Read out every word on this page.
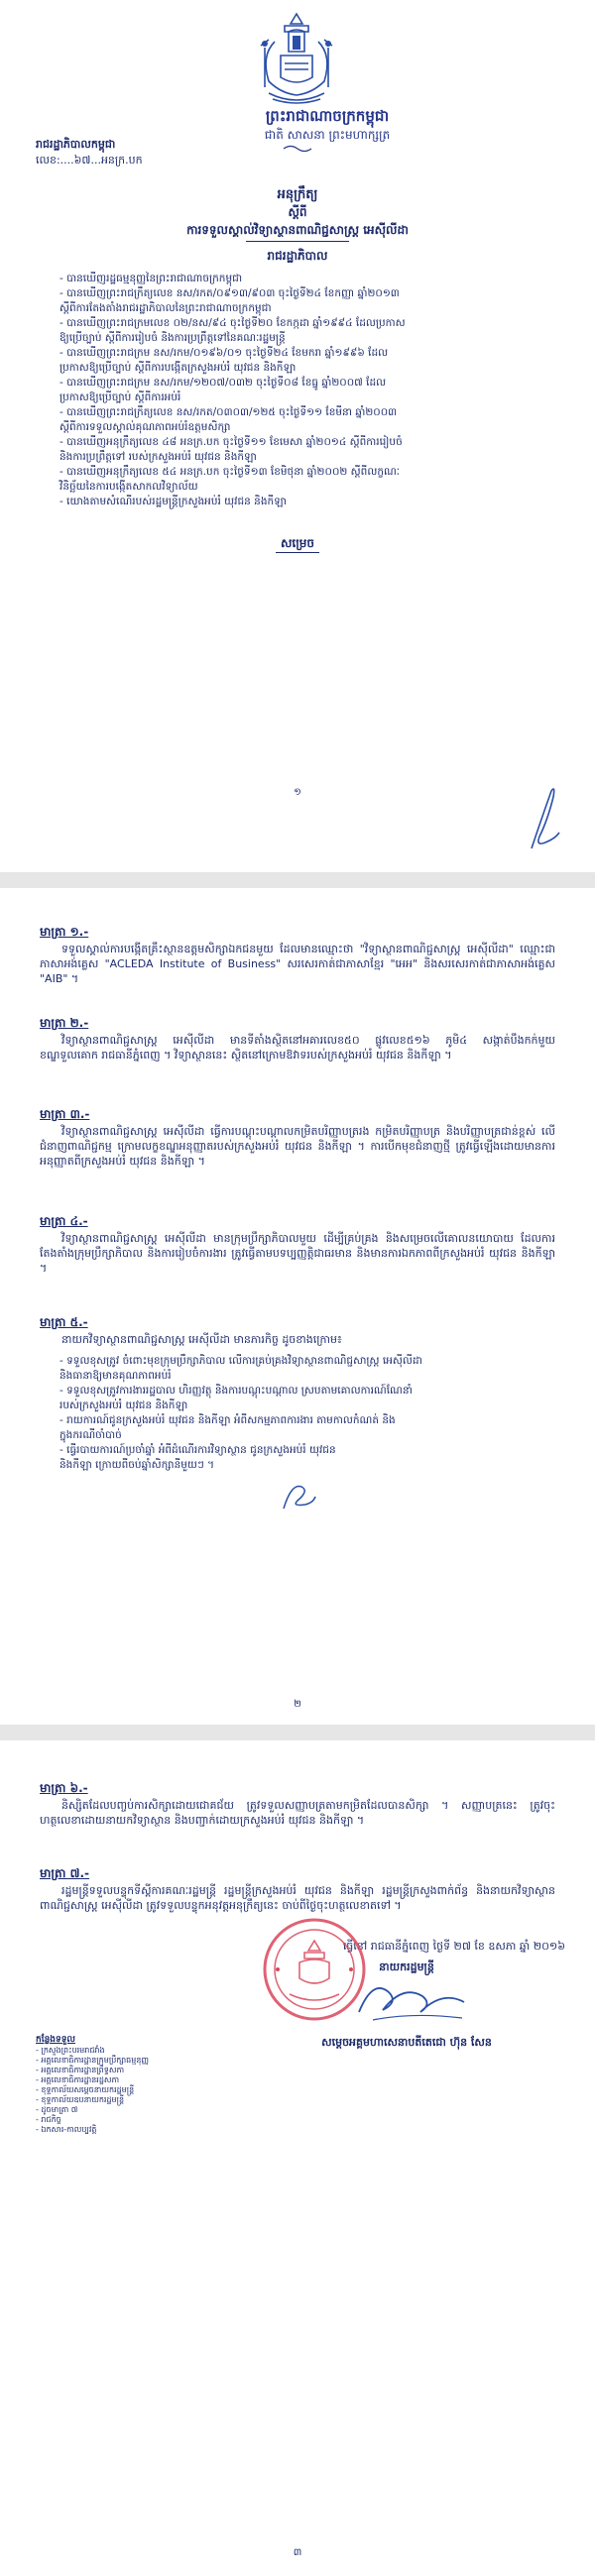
ព្រះរាជាណាចក្រកម្ពុជា
ជាតិ សាសនា ព្រះមហាក្សត្រ
រាជរដ្ឋាភិបាលកម្ពុជា
លេខ:....៦៧...អនក្រ.បក
អនុក្រឹត្យ
ស្តីពី
ការទទួលស្គាល់វិទ្យាស្ថានពាណិជ្ជសាស្ត្រ អេស៊ីលីដា
រាជរដ្ឋាភិបាល
- បានឃើញរដ្ឋធម្មនុញ្ញនៃព្រះរាជាណាចក្រកម្ពុជា
- បានឃើញព្រះរាជក្រឹត្យលេខ នស/រកត/០៩១៣/៩០៣ ចុះថ្ងៃទី២៤ ខែកញ្ញា ឆ្នាំ២០១៣
ស្តីពីការតែងតាំងរាជរដ្ឋាភិបាលនៃព្រះរាជាណាចក្រកម្ពុជា
- បានឃើញព្រះរាជក្រមលេខ ០២/នស/៩៤ ចុះថ្ងៃទី២០ ខែកក្កដា ឆ្នាំ១៩៩៤ ដែលប្រកាស
ឱ្យប្រើច្បាប់ ស្តីពីការរៀបចំ និងការប្រព្រឹត្តទៅនៃគណៈរដ្ឋមន្ត្រី
- បានឃើញព្រះរាជក្រម នស/រកម/០១៩៦/០១ ចុះថ្ងៃទី២៤ ខែមករា ឆ្នាំ១៩៩៦ ដែល
ប្រកាសឱ្យប្រើច្បាប់ ស្តីពីការបង្កើតក្រសួងអប់រំ យុវជន និងកីឡា
- បានឃើញព្រះរាជក្រម នស/រកម/១២០៧/០៣២ ចុះថ្ងៃទី០៨ ខែធ្នូ ឆ្នាំ២០០៧ ដែល
ប្រកាសឱ្យប្រើច្បាប់ ស្តីពីការអប់រំ
- បានឃើញព្រះរាជក្រឹត្យលេខ នស/រកត/០៣០៣/១២៥ ចុះថ្ងៃទី១១ ខែមីនា ឆ្នាំ២០០៣
ស្តីពីការទទួលស្គាល់គុណភាពអប់រំឧត្តមសិក្សា
- បានឃើញអនុក្រឹត្យលេខ ៤៨ អនក្រ.បក ចុះថ្ងៃទី១១ ខែមេសា ឆ្នាំ២០១៤ ស្តីពីការរៀបចំ
និងការប្រព្រឹត្តទៅ របស់ក្រសួងអប់រំ យុវជន និងកីឡា
- បានឃើញអនុក្រឹត្យលេខ ៥៤ អនក្រ.បក ចុះថ្ងៃទី១៣ ខែមិថុនា ឆ្នាំ២០០២ ស្តីពីលក្ខណៈ
វិនិច្ឆ័យនៃការបង្កើតសាកលវិទ្យាល័យ
- យោងតាមសំណើរបស់រដ្ឋមន្ត្រីក្រសួងអប់រំ យុវជន និងកីឡា
សម្រេច
១
មាត្រា ១.-
ទទួលស្គាល់ការបង្កើតគ្រឹះស្ថានឧត្តមសិក្សាឯកជនមួយ ដែលមានឈ្មោះថា "វិទ្យាស្ថានពាណិជ្ជសាស្ត្រ អេស៊ីលីដា" ឈ្មោះជាភាសាអង់គ្លេស "ACLEDA Institute of Business" សរសេរកាត់ជាភាសាខ្មែរ "អេអ" និងសរសេរកាត់ជាភាសាអង់គ្លេស "AIB" ។
មាត្រា ២.-
វិទ្យាស្ថានពាណិជ្ជសាស្ត្រ អេស៊ីលីដា មានទីតាំងស្ថិតនៅអគារលេខ៥០ ផ្លូវលេខ៥១៦ ភូមិ៤ សង្កាត់បឹងកក់មួយ ខណ្ឌទួលគោក រាជធានីភ្នំពេញ ។ វិទ្យាស្ថាននេះ ស្ថិតនៅក្រោមឱវាទរបស់ក្រសួងអប់រំ យុវជន និងកីឡា ។
មាត្រា ៣.-
វិទ្យាស្ថានពាណិជ្ជសាស្ត្រ អេស៊ីលីដា ធ្វើការបណ្តុះបណ្តាលកម្រិតបរិញ្ញាបត្ររង កម្រិតបរិញ្ញាបត្រ និងបរិញ្ញាបត្រជាន់ខ្ពស់ លើជំនាញពាណិជ្ជកម្ម ក្រោមលក្ខខណ្ឌអនុញ្ញាតរបស់ក្រសួងអប់រំ យុវជន និងកីឡា ។ ការបើកមុខជំនាញថ្មី ត្រូវធ្វើឡើងដោយមានការអនុញ្ញាតពីក្រសួងអប់រំ យុវជន និងកីឡា ។
មាត្រា ៤.-
វិទ្យាស្ថានពាណិជ្ជសាស្ត្រ អេស៊ីលីដា មានក្រុមប្រឹក្សាភិបាលមួយ ដើម្បីគ្រប់គ្រង និងសម្រេចលើគោលនយោបាយ ដែលការតែងតាំងក្រុមប្រឹក្សាភិបាល និងការរៀបចំការងារ ត្រូវធ្វើតាមបទប្បញ្ញត្តិជាធរមាន និងមានការឯកភាពពីក្រសួងអប់រំ យុវជន និងកីឡា ។
មាត្រា ៥.-
នាយកវិទ្យាស្ថានពាណិជ្ជសាស្ត្រ អេស៊ីលីដា មានភារកិច្ច ដូចខាងក្រោម៖
- ទទួលខុសត្រូវ ចំពោះមុខក្រុមប្រឹក្សាភិបាល លើការគ្រប់គ្រងវិទ្យាស្ថានពាណិជ្ជសាស្ត្រ អេស៊ីលីដា
និងធានាឱ្យមានគុណភាពអប់រំ
- ទទួលខុសត្រូវការងាររដ្ឋបាល ហិរញ្ញវត្ថុ និងការបណ្តុះបណ្តាល ស្របតាមគោលការណ៍ណែនាំ
របស់ក្រសួងអប់រំ យុវជន និងកីឡា
- រាយការណ៍ជូនក្រសួងអប់រំ យុវជន និងកីឡា អំពីសកម្មភាពការងារ តាមកាលកំណត់ និង
ក្នុងករណីចាំបាច់
- ធ្វើរបាយការណ៍ប្រចាំឆ្នាំ អំពីដំណើរការវិទ្យាស្ថាន ជូនក្រសួងអប់រំ យុវជន
និងកីឡា ក្រោយពីចប់ឆ្នាំសិក្សានីមួយៗ ។
២
មាត្រា ៦.-
និស្សិតដែលបញ្ចប់ការសិក្សាដោយជោគជ័យ ត្រូវទទួលសញ្ញាបត្រតាមកម្រិតដែលបានសិក្សា ។ សញ្ញាបត្រនេះ ត្រូវចុះហត្ថលេខាដោយនាយកវិទ្យាស្ថាន និងបញ្ជាក់ដោយក្រសួងអប់រំ យុវជន និងកីឡា ។
មាត្រា ៧.-
រដ្ឋមន្ត្រីទទួលបន្ទុកទីស្តីការគណៈរដ្ឋមន្ត្រី រដ្ឋមន្ត្រីក្រសួងអប់រំ យុវជន និងកីឡា រដ្ឋមន្ត្រីក្រសួងពាក់ព័ន្ធ និងនាយកវិទ្យាស្ថានពាណិជ្ជសាស្ត្រ អេស៊ីលីដា ត្រូវទទួលបន្ទុកអនុវត្តអនុក្រឹត្យនេះ ចាប់ពីថ្ងៃចុះហត្ថលេខាតទៅ ។
ធ្វើនៅ រាជធានីភ្នំពេញ ថ្ងៃទី ២៧ ខែ ឧសភា ឆ្នាំ ២០១៦
នាយករដ្ឋមន្ត្រី
សម្តេចអគ្គមហាសេនាបតីតេជោ ហ៊ុន សែន
កន្លែងទទួល
- ក្រសួងព្រះបរមរាជវាំង
- អគ្គលេខាធិការដ្ឋានក្រុមប្រឹក្សាធម្មនុញ្ញ
- អគ្គលេខាធិការដ្ឋានព្រឹទ្ធសភា
- អគ្គលេខាធិការដ្ឋានរដ្ឋសភា
- ខុទ្ទកាល័យសម្តេចនាយករដ្ឋមន្ត្រី
- ខុទ្ទកាល័យឧបនាយករដ្ឋមន្ត្រី
- ដូចមាត្រា ៧
- រាជកិច្ច
- ឯកសារ-កាលប្បវត្តិ
៣
